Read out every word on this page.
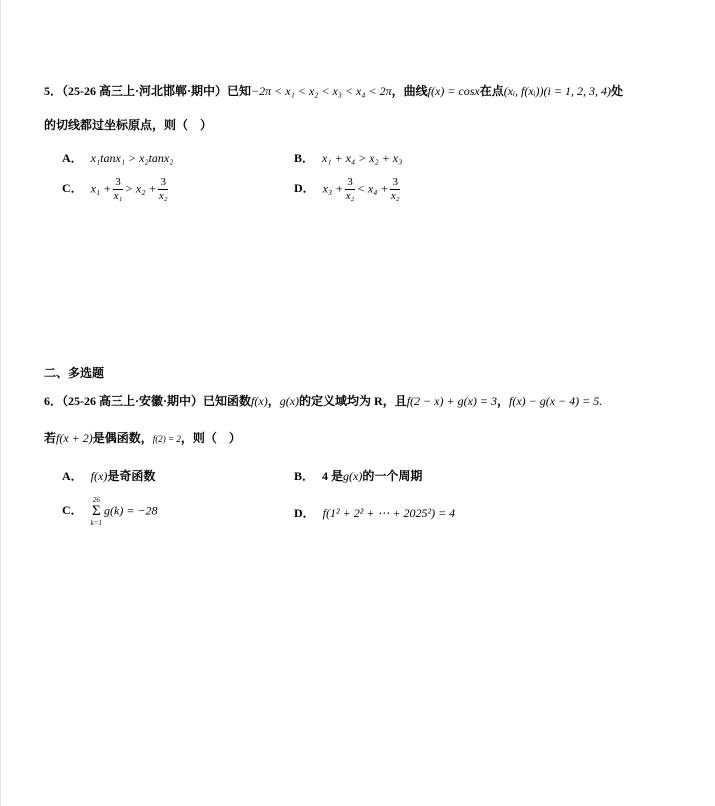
5．（25-26 高三上·河北邯郸·期中）已知−2π < x₁ < x₂ < x₃ < x₄ < 2π，曲线f(x) = cosx在点(xᵢ, f(xᵢ))(i = 1, 2, 3, 4)处
的切线都过坐标原点，则（　）
A． x₁tanx₁ > x₂tanx₂	B． x₁ + x₄ > x₂ + x₃
C． $x_1 + \frac{3}{\text{x₁}} > x_2 + \frac{3}{\text{x₂}}$	D． $x_3 + \frac{3}{\text{x₂}} < x_4 + \frac{3}{\text{x₂}}$
二、多选题
6．（25-26 高三上·安徽·期中）已知函数f(x)，g(x)的定义域均为 R，且f(2 − x) + g(x) = 3，f(x) − g(x − 4) = 5.
若f(x + 2)是偶函数，f(2) = 2，则（　）
A． f(x)是奇函数	B． 4 是g(x)的一个周期
C．
26
Σ
k=1
g(k) = −28	D． f(1² + 2² + ⋯ + 2025²) = 4
